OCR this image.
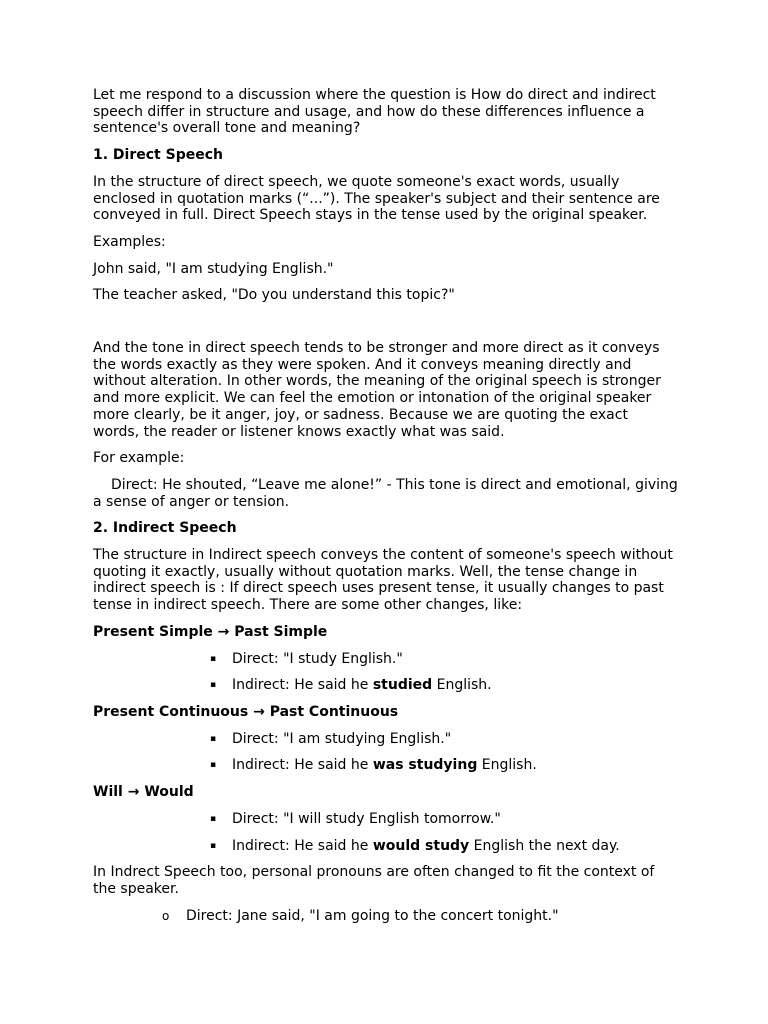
Let me respond to a discussion where the question is How do direct and indirect speech differ in structure and usage, and how do these differences influence a sentence's overall tone and meaning?

1. Direct Speech

In the structure of direct speech, we quote someone's exact words, usually enclosed in quotation marks (“...”). The speaker's subject and their sentence are conveyed in full. Direct Speech stays in the tense used by the original speaker.

Examples:

John said, "I am studying English."

The teacher asked, "Do you understand this topic?"

And the tone in direct speech tends to be stronger and more direct as it conveys the words exactly as they were spoken. And it conveys meaning directly and without alteration. In other words, the meaning of the original speech is stronger and more explicit. We can feel the emotion or intonation of the original speaker more clearly, be it anger, joy, or sadness. Because we are quoting the exact words, the reader or listener knows exactly what was said.

For example:

Direct: He shouted, “Leave me alone!” - This tone is direct and emotional, giving a sense of anger or tension.

2. Indirect Speech

The structure in Indirect speech conveys the content of someone's speech without quoting it exactly, usually without quotation marks. Well, the tense change in indirect speech is : If direct speech uses present tense, it usually changes to past tense in indirect speech. There are some other changes, like:

Present Simple → Past Simple

▪ Direct: "I study English."
▪ Indirect: He said he studied English.

Present Continuous → Past Continuous

▪ Direct: "I am studying English."
▪ Indirect: He said he was studying English.

Will → Would

▪ Direct: "I will study English tomorrow."
▪ Indirect: He said he would study English the next day.

In Indrect Speech too, personal pronouns are often changed to fit the context of the speaker.

o Direct: Jane said, "I am going to the concert tonight."
